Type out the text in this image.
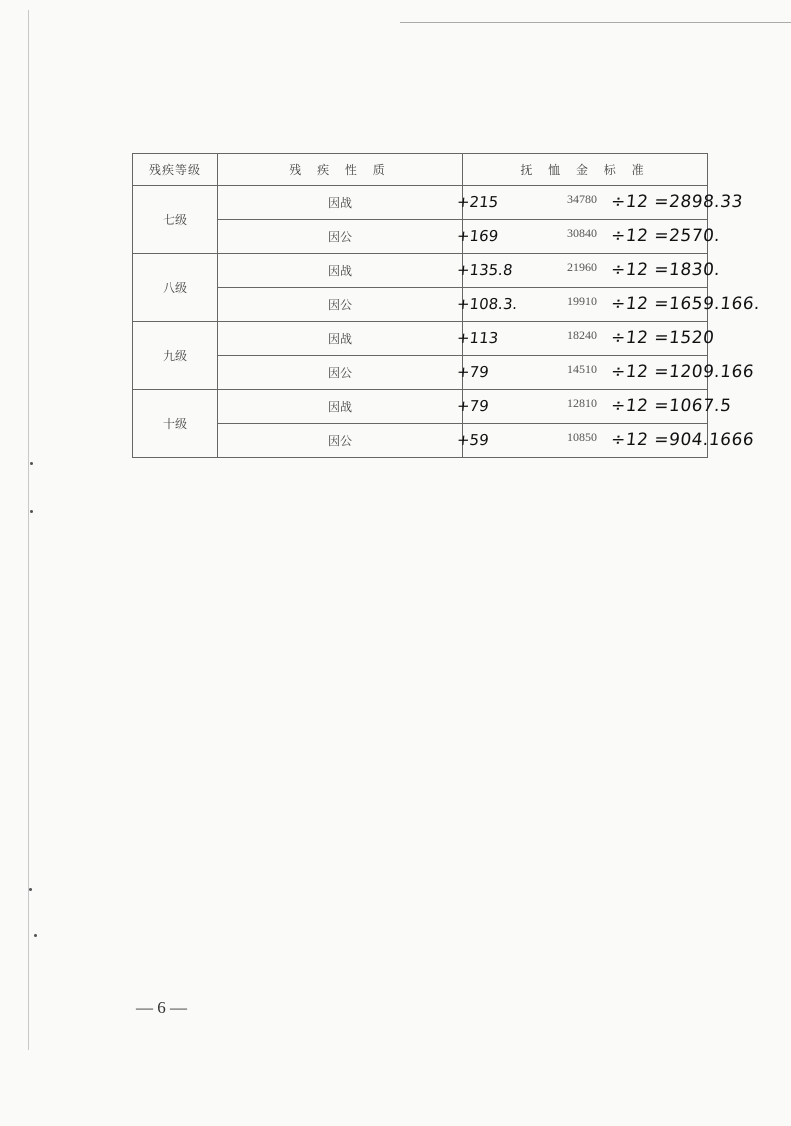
残疾等级	残 疾 性 质	抚 恤 金 标 准
七级	因战	+215 34780 ÷12 =2898.33

	因公	+169 30840 ÷12 =2570.

八级	因战	+135.8 21960 ÷12 =1830.

	因公	+108.3. 19910 ÷12 =1659.166.

九级	因战	+113 18240 ÷12 =1520

	因公	+79 14510 ÷12 =1209.166

十级	因战	+79 12810 ÷12 =1067.5

	因公	+59 10850 ÷12 =904.1666
— 6 —
